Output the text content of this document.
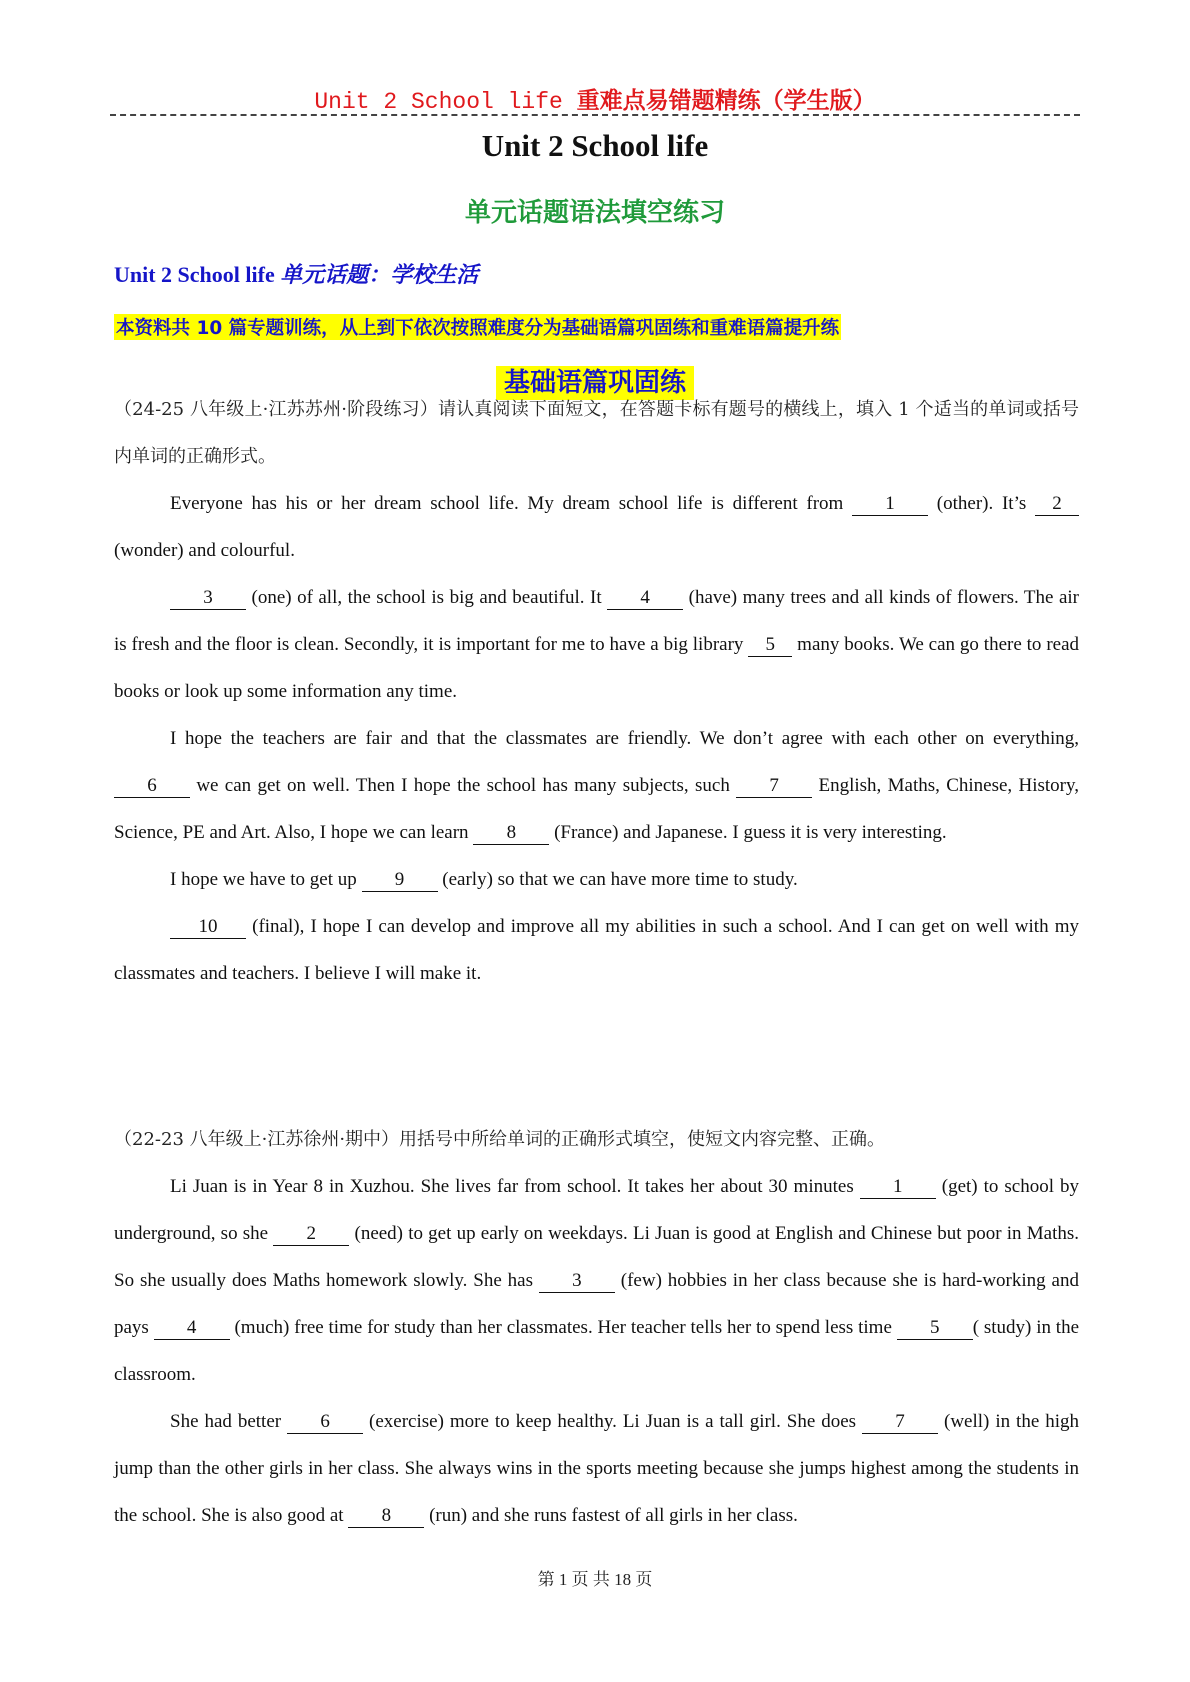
Unit 2 School life 重难点易错题精练（学生版）
Unit 2 School life
单元话题语法填空练习
Unit 2 School life 单元话题：学校生活
本资料共 10 篇专题训练，从上到下依次按照难度分为基础语篇巩固练和重难语篇提升练
基础语篇巩固练

（24-25 八年级上·江苏苏州·阶段练习）请认真阅读下面短文，在答题卡标有题号的横线上，填入 1 个适当的单词或括号内单词的正确形式。

Everyone has his or her dream school life. My dream school life is different from 1 (other). It’s 2 (wonder) and colourful.

3 (one) of all, the school is big and beautiful. It 4 (have) many trees and all kinds of flowers. The air is fresh and the floor is clean. Secondly, it is important for me to have a big library 5 many books. We can go there to read books or look up some information any time.

I hope the teachers are fair and that the classmates are friendly. We don’t agree with each other on everything, 6 we can get on well. Then I hope the school has many subjects, such 7 English, Maths, Chinese, History, Science, PE and Art. Also, I hope we can learn 8 (France) and Japanese. I guess it is very interesting.

I hope we have to get up 9 (early) so that we can have more time to study.

10 (final), I hope I can develop and improve all my abilities in such a school. And I can get on well with my classmates and teachers. I believe I will make it.

（22-23 八年级上·江苏徐州·期中）用括号中所给单词的正确形式填空，使短文内容完整、正确。

Li Juan is in Year 8 in Xuzhou. She lives far from school. It takes her about 30 minutes 1 (get) to school by underground, so she 2 (need) to get up early on weekdays. Li Juan is good at English and Chinese but poor in Maths. So she usually does Maths homework slowly. She has 3 (few) hobbies in her class because she is hard-working and pays 4 (much) free time for study than her classmates. Her teacher tells her to spend less time 5 ( study) in the classroom.

She had better 6 (exercise) more to keep healthy. Li Juan is a tall girl. She does 7 (well) in the high jump than the other girls in her class. She always wins in the sports meeting because she jumps highest among the students in the school. She is also good at 8 (run) and she runs fastest of all girls in her class.

第 1 页 共 18 页
